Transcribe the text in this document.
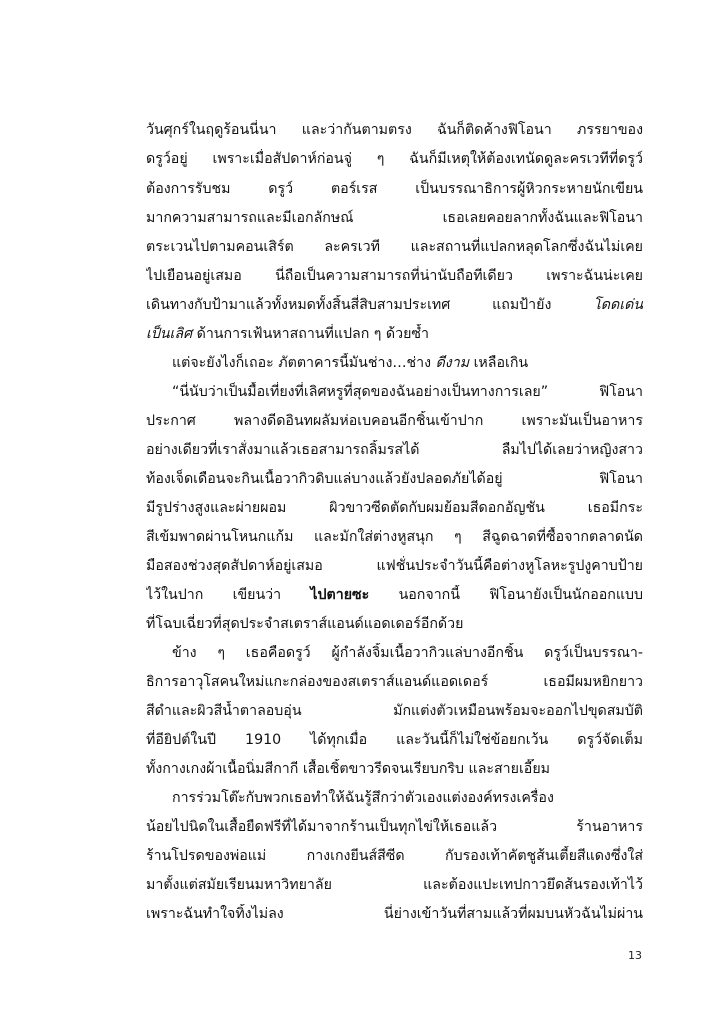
วันศุกร์ในฤดูร้อนนี่นา และว่ากันตามตรง ฉันก็ติดค้างฟิโอนา ภรรยาของ
ดรูว์อยู่ เพราะเมื่อสัปดาห์ก่อนจู่ ๆ ฉันก็มีเหตุให้ต้องเทนัดดูละครเวทีที่ดรูว์
ต้องการรับชม ดรูว์ ตอร์เรส เป็นบรรณาธิการผู้หิวกระหายนักเขียน
มากความสามารถและมีเอกลักษณ์ เธอเลยคอยลากทั้งฉันและฟิโอนา
ตระเวนไปตามคอนเสิร์ต ละครเวที และสถานที่แปลกหลุดโลกซึ่งฉันไม่เคย
ไปเยือนอยู่เสมอ นี่ถือเป็นความสามารถที่น่านับถือทีเดียว เพราะฉันน่ะเคย
เดินทางกับป้ามาแล้วทั้งหมดทั้งสิ้นสี่สิบสามประเทศ แถมป้ายัง โดดเด่น
เป็นเลิศ ด้านการเฟ้นหาสถานที่แปลก ๆ ด้วยซ้ำ
แต่จะยังไงก็เถอะ ภัตตาคารนี้มันช่าง…ช่าง ดีงาม เหลือเกิน
“นี่นับว่าเป็นมื้อเที่ยงที่เลิศหรูที่สุดของฉันอย่างเป็นทางการเลย” ฟิโอนา
ประกาศ พลางดีดอินทผลัมห่อเบคอนอีกชิ้นเข้าปาก เพราะมันเป็นอาหาร
อย่างเดียวที่เราสั่งมาแล้วเธอสามารถลิ้มรสได้ ลืมไปได้เลยว่าหญิงสาว
ท้องเจ็ดเดือนจะกินเนื้อวากิวดิบแล่บางแล้วยังปลอดภัยได้อยู่ ฟิโอนา
มีรูปร่างสูงและผ่ายผอม ผิวขาวซีดตัดกับผมย้อมสีดอกอัญชัน เธอมีกระ
สีเข้มพาดผ่านโหนกแก้ม และมักใส่ต่างหูสนุก ๆ สีฉูดฉาดที่ซื้อจากตลาดนัด
มือสองช่วงสุดสัปดาห์อยู่เสมอ แฟชั่นประจำวันนี้คือต่างหูโลหะรูปงูคาบป้าย
ไว้ในปาก เขียนว่า ไปตายซะ นอกจากนี้ ฟิโอนายังเป็นนักออกแบบ
ที่โฉบเฉี่ยวที่สุดประจำสเตราส์แอนด์แอดเดอร์อีกด้วย
ข้าง ๆ เธอคือดรูว์ ผู้กำลังจิ้มเนื้อวากิวแล่บางอีกชิ้น ดรูว์เป็นบรรณา-
ธิการอาวุโสคนใหม่แกะกล่องของสเตราส์แอนด์แอดเดอร์ เธอมีผมหยิกยาว
สีดำและผิวสีน้ำตาลอบอุ่น มักแต่งตัวเหมือนพร้อมจะออกไปขุดสมบัติ
ที่อียิปต์ในปี 1910 ได้ทุกเมื่อ และวันนี้ก็ไม่ใช่ข้อยกเว้น ดรูว์จัดเต็ม
ทั้งกางเกงผ้าเนื้อนิ่มสีกากี เสื้อเชิ้ตขาวรีดจนเรียบกริบ และสายเอี๊ยม
การร่วมโต๊ะกับพวกเธอทำให้ฉันรู้สึกว่าตัวเองแต่งองค์ทรงเครื่อง
น้อยไปนิดในเสื้อยืดฟรีที่ได้มาจากร้านเป็นทุกไข่ให้เธอแล้ว ร้านอาหาร
ร้านโปรดของพ่อแม่ กางเกงยีนส์สีซีด กับรองเท้าคัตชูส้นเตี้ยสีแดงซึ่งใส่
มาตั้งแต่สมัยเรียนมหาวิทยาลัย และต้องแปะเทปกาวยึดส้นรองเท้าไว้
เพราะฉันทำใจทิ้งไม่ลง นี่ย่างเข้าวันที่สามแล้วที่ผมบนหัวฉันไม่ผ่าน
13
